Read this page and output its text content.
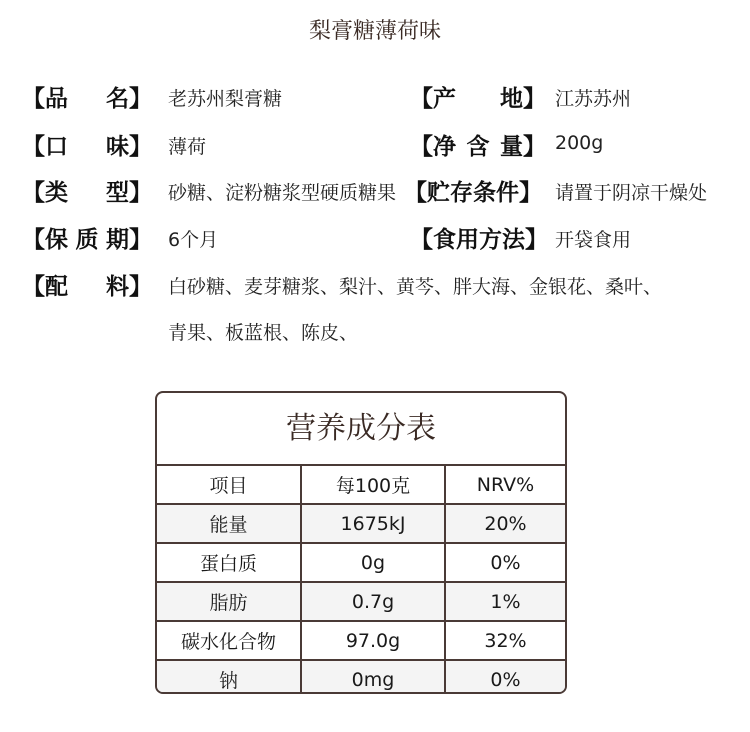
梨膏糖薄荷味
【品 名】 老苏州梨膏糖	【产 地】 江苏苏州
【口 味】 薄荷	【净 含 量】 200g
【类 型】 砂糖、淀粉糖浆型硬质糖果 【贮存条件】 请置于阴凉干燥处
【保 质 期】 6个月	【食用方法】 开袋食用
【配 料】 白砂糖、麦芽糖浆、梨汁、黄芩、胖大海、金银花、桑叶、
青果、板蓝根、陈皮、
营养成分表
项目	每100克	NRV%
能量	1675kJ	20%
蛋白质	0g	0%
脂肪	0.7g	1%
碳水化合物	97.0g	32%
钠	0mg	0%
